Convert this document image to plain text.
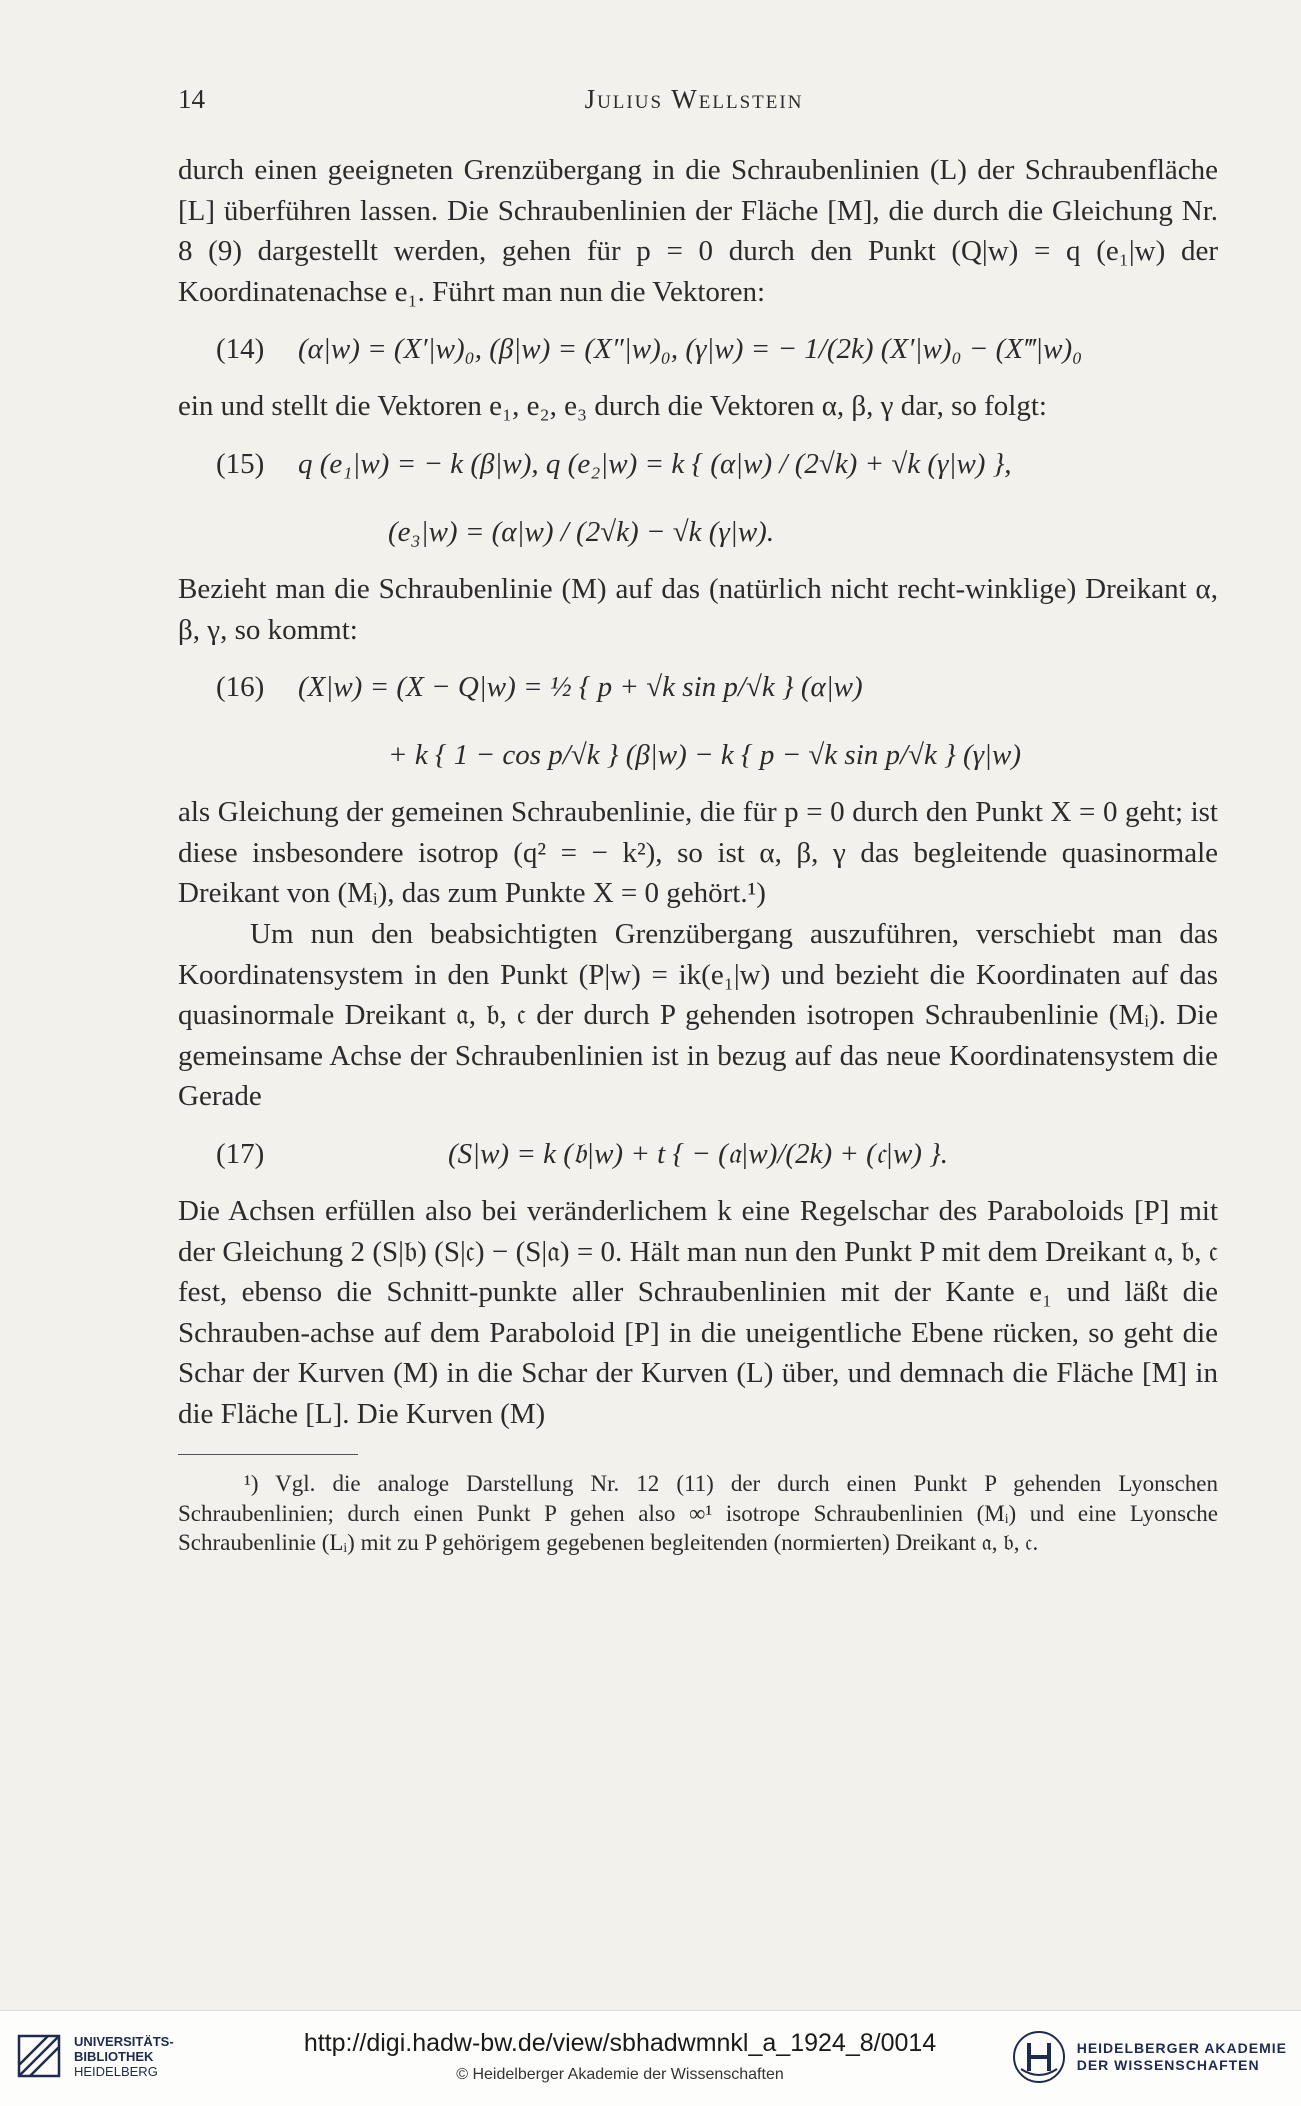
14	Julius Wellstein

durch einen geeigneten Grenzübergang in die Schraubenlinien (L) der Schraubenfläche [L] überführen lassen. Die Schraubenlinien der Fläche [M], die durch die Gleichung Nr. 8 (9) dargestellt werden, gehen für p = 0 durch den Punkt (Q|w) = q (e₁|w) der Koordinatenachse e₁. Führt man nun die Vektoren:

(14)	(α|w) = (X′|w)₀, (β|w) = (X″|w)₀, (γ|w) = − 1/(2k) (X′|w)₀ − (X‴|w)₀

ein und stellt die Vektoren e₁, e₂, e₃ durch die Vektoren α, β, γ dar, so folgt:

(15)	q (e₁|w) = − k (β|w), q (e₂|w) = k { (α|w) / (2√k) + √k (γ|w) },
(e₃|w) = (α|w) / (2√k) − √k (γ|w).

Bezieht man die Schraubenlinie (M) auf das (natürlich nicht recht-winklige) Dreikant α, β, γ, so kommt:

(16)	(X|w) = (X − Q|w) = ½ { p + √k sin p/√k } (α|w)
+ k { 1 − cos p/√k } (β|w) − k { p − √k sin p/√k } (γ|w)

als Gleichung der gemeinen Schraubenlinie, die für p = 0 durch den Punkt X = 0 geht; ist diese insbesondere isotrop (q² = − k²), so ist α, β, γ das begleitende quasinormale Dreikant von (Mᵢ), das zum Punkte X = 0 gehört.¹)

Um nun den beabsichtigten Grenzübergang auszuführen, verschiebt man das Koordinatensystem in den Punkt (P|w) = ik(e₁|w) und bezieht die Koordinaten auf das quasinormale Dreikant 𝔞, 𝔟, 𝔠 der durch P gehenden isotropen Schraubenlinie (Mᵢ). Die gemeinsame Achse der Schraubenlinien ist in bezug auf das neue Koordinatensystem die Gerade

(17)	(S|w) = k (𝔟|w) + t { − (𝔞|w)/(2k) + (𝔠|w) }.

Die Achsen erfüllen also bei veränderlichem k eine Regelschar des Paraboloids [P] mit der Gleichung 2 (S|𝔟) (S|𝔠) − (S|𝔞) = 0. Hält man nun den Punkt P mit dem Dreikant 𝔞, 𝔟, 𝔠 fest, ebenso die Schnitt-punkte aller Schraubenlinien mit der Kante e₁ und läßt die Schrauben-achse auf dem Paraboloid [P] in die uneigentliche Ebene rücken, so geht die Schar der Kurven (M) in die Schar der Kurven (L) über, und demnach die Fläche [M] in die Fläche [L]. Die Kurven (M)

¹) Vgl. die analoge Darstellung Nr. 12 (11) der durch einen Punkt P gehenden Lyonschen Schraubenlinien; durch einen Punkt P gehen also ∞¹ isotrope Schraubenlinien (Mᵢ) und eine Lyonsche Schraubenlinie (Lᵢ) mit zu P gehörigem gegebenen begleitenden (normierten) Dreikant 𝔞, 𝔟, 𝔠.

UNIVERSITÄTS-
BIBLIOTHEK
HEIDELBERG
http://digi.hadw-bw.de/view/sbhadwmnkl_a_1924_8/0014
© Heidelberger Akademie der Wissenschaften
HEIDELBERGER AKADEMIE
DER WISSENSCHAFTEN
